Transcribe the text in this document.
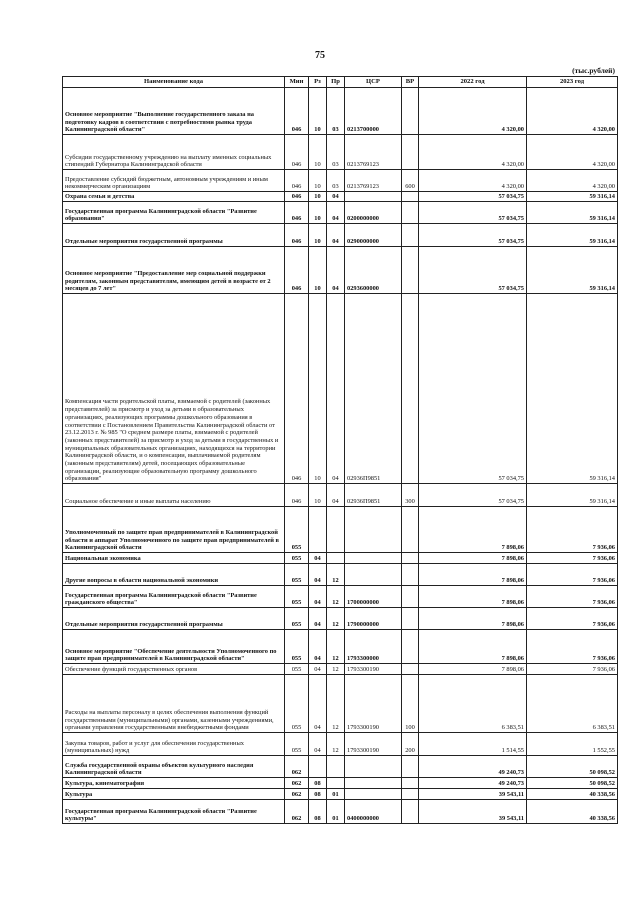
75
(тыс.рублей)
Наименование кода	Мин	Рз	Пр	ЦСР	ВР	2022 год	2023 год
Основное мероприятие "Выполнение государственного заказа на подготовку кадров в соответствии с потребностями рынка труда Калининградской области"	046	10	03	0213700000		4 320,00	4 320,00
Субсидии государственному учреждению на выплату именных социальных стипендий Губернатора Калининградской области	046	10	03	0213769123		4 320,00	4 320,00
Предоставление субсидий бюджетным, автономным учреждениям и иным некоммерческим организациям	046	10	03	0213769123	600	4 320,00	4 320,00
Охрана семьи и детства	046	10	04			57 034,75	59 316,14
Государственная программа Калининградской области "Развитие образования"	046	10	04	0200000000		57 034,75	59 316,14
Отдельные мероприятия государственной программы	046	10	04	0290000000		57 034,75	59 316,14
Основное мероприятие "Предоставление мер социальной поддержки родителям, законным представителям, имеющим детей в возрасте от 2 месяцев до 7 лет"	046	10	04	0293600000		57 034,75	59 316,14
Компенсация части родительской платы, взимаемой с родителей (законных представителей) за присмотр и уход за детьми в образовательных организациях, реализующих программы дошкольного образования в соответствии с Постановлением Правительства Калининградской области от 23.12.2013 г. № 985 "О среднем размере платы, взимаемой с родителей (законных представителей) за присмотр и уход за детьми в государственных и муниципальных образовательных организациях, находящихся на территории Калининградской области, и о компенсации, выплачиваемой родителям (законным представителям) детей, посещающих образовательные организации, реализующие образовательную программу дошкольного образования"	046	10	04	02936П9851		57 034,75	59 316,14
Социальное обеспечение и иные выплаты населению	046	10	04	02936П9851	300	57 034,75	59 316,14
Уполномоченный по защите прав предпринимателей в Калининградской области и аппарат Уполномоченного по защите прав предпринимателей в Калининградской области	055					7 898,06	7 936,06
Национальная экономика	055	04				7 898,06	7 936,06
Другие вопросы в области национальной экономики	055	04	12			7 898,06	7 936,06
Государственная программа Калининградской области "Развитие гражданского общества"	055	04	12	1700000000		7 898,06	7 936,06
Отдельные мероприятия государственной программы	055	04	12	1790000000		7 898,06	7 936,06
Основное мероприятие "Обеспечение деятельности Уполномоченного по защите прав предпринимателей в Калининградской области"	055	04	12	1793300000		7 898,06	7 936,06
Обеспечение функций государственных органов	055	04	12	1793300190		7 898,06	7 936,06
Расходы на выплаты персоналу в целях обеспечения выполнения функций государственными (муниципальными) органами, казенными учреждениями, органами управления государственными внебюджетными фондами	055	04	12	1793300190	100	6 383,51	6 383,51
Закупка товаров, работ и услуг для обеспечения государственных (муниципальных) нужд	055	04	12	1793300190	200	1 514,55	1 552,55
Служба государственной охраны объектов культурного наследия Калининградской области	062					49 240,73	50 098,52
Культура, кинематография	062	08				49 240,73	50 098,52
Культура	062	08	01			39 543,11	40 338,56
Государственная программа Калининградской области "Развитие культуры"	062	08	01	0400000000		39 543,11	40 338,56
